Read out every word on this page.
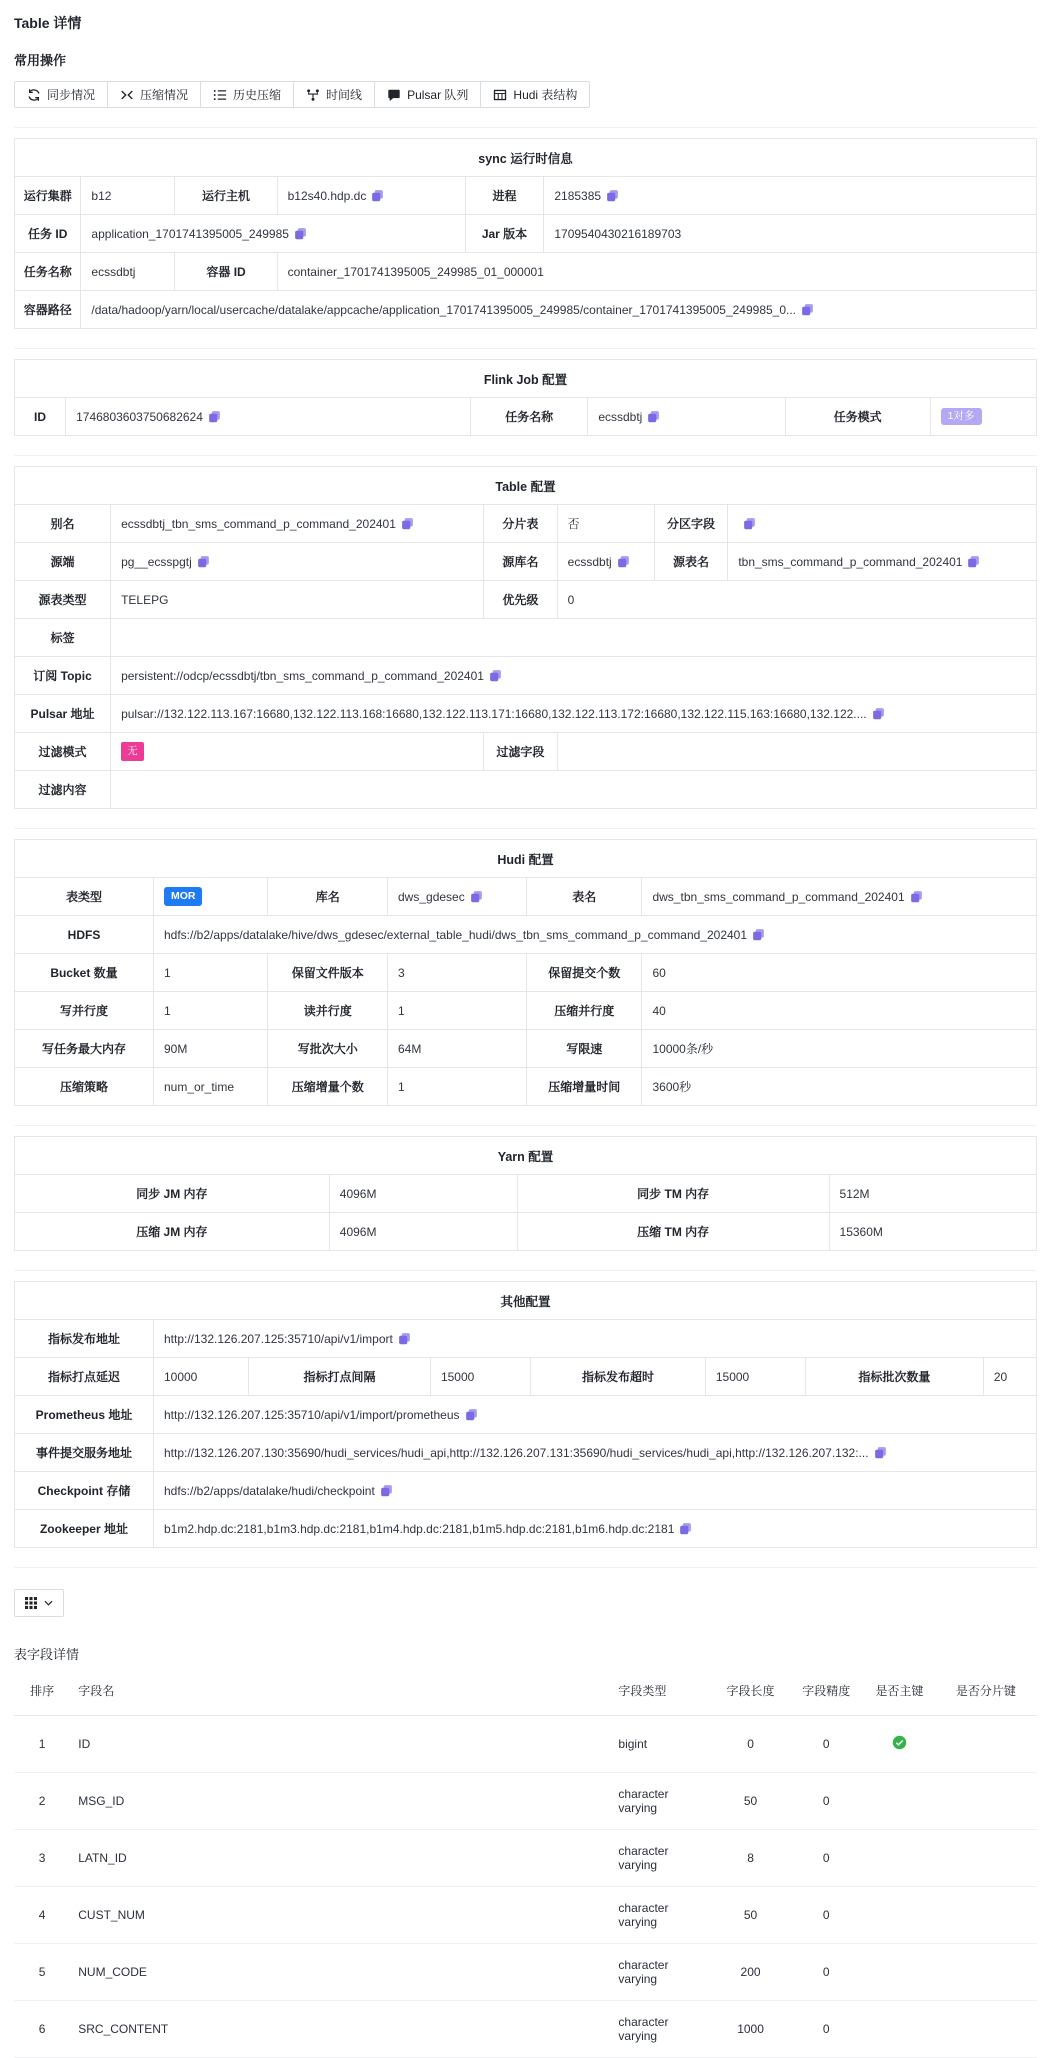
Table 详情
常用操作
同步情况	压缩情况	历史压缩	时间线	Pulsar 队列	Hudi 表结构
sync 运行时信息					
运行集群	b12	运行主机	b12s40.hdp.dc	进程	2185385
任务 ID	application_1701741395005_249985			Jar 版本	1709540430216189703
任务名称	ecssdbtj	容器 ID	container_1701741395005_249985_01_000001		
容器路径	/data/hadoop/yarn/local/usercache/datalake/appcache/application_1701741395005_249985/container_1701741395005_249985_0...				
Flink Job 配置
ID	1746803603750682624	任务名称	ecssdbtj	任务模式	1对多
Table 配置					
别名	ecssdbtj_tbn_sms_command_p_command_202401	分片表	否	分区字段	
源端	pg__ecsspgtj	源库名	ecssdbtj	源表名	tbn_sms_command_p_command_202401
源表类型	TELEPG	优先级	0		
标签					
订阅 Topic	persistent://odcp/ecssdbtj/tbn_sms_command_p_command_202401				
Pulsar 地址	pulsar://132.122.113.167:16680,132.122.113.168:16680,132.122.113.171:16680,132.122.113.172:16680,132.122.115.163:16680,132.122....				
过滤模式	无	过滤字段			
过滤内容					
Hudi 配置					
表类型	MOR	库名	dws_gdesec	表名	dws_tbn_sms_command_p_command_202401
HDFS	hdfs://b2/apps/datalake/hive/dws_gdesec/external_table_hudi/dws_tbn_sms_command_p_command_202401				
Bucket 数量	1	保留文件版本	3	保留提交个数	60
写并行度	1	读并行度	1	压缩并行度	40
写任务最大内存	90M	写批次大小	64M	写限速	10000条/秒
压缩策略	num_or_time	压缩增量个数	1	压缩增量时间	3600秒
Yarn 配置			
同步 JM 内存	4096M	同步 TM 内存	512M
压缩 JM 内存	4096M	压缩 TM 内存	15360M
其他配置							
指标发布地址	http://132.126.207.125:35710/api/v1/import						
指标打点延迟	10000	指标打点间隔	15000	指标发布超时	15000	指标批次数量	20
Prometheus 地址	http://132.126.207.125:35710/api/v1/import/prometheus						
事件提交服务地址	http://132.126.207.130:35690/hudi_services/hudi_api,http://132.126.207.131:35690/hudi_services/hudi_api,http://132.126.207.132:...						
Checkpoint 存储	hdfs://b2/apps/datalake/hudi/checkpoint						
Zookeeper 地址	b1m2.hdp.dc:2181,b1m3.hdp.dc:2181,b1m4.hdp.dc:2181,b1m5.hdp.dc:2181,b1m6.hdp.dc:2181						
表字段详情
排序	字段名	字段类型	字段长度	字段精度	是否主键	是否分片键
1	ID	bigint	0	0	

2	MSG_ID	character varying	50	0		
3	LATN_ID	character varying	8	0		
4	CUST_NUM	character varying	50	0		
5	NUM_CODE	character varying	200	0		
6	SRC_CONTENT	character varying	1000	0		
